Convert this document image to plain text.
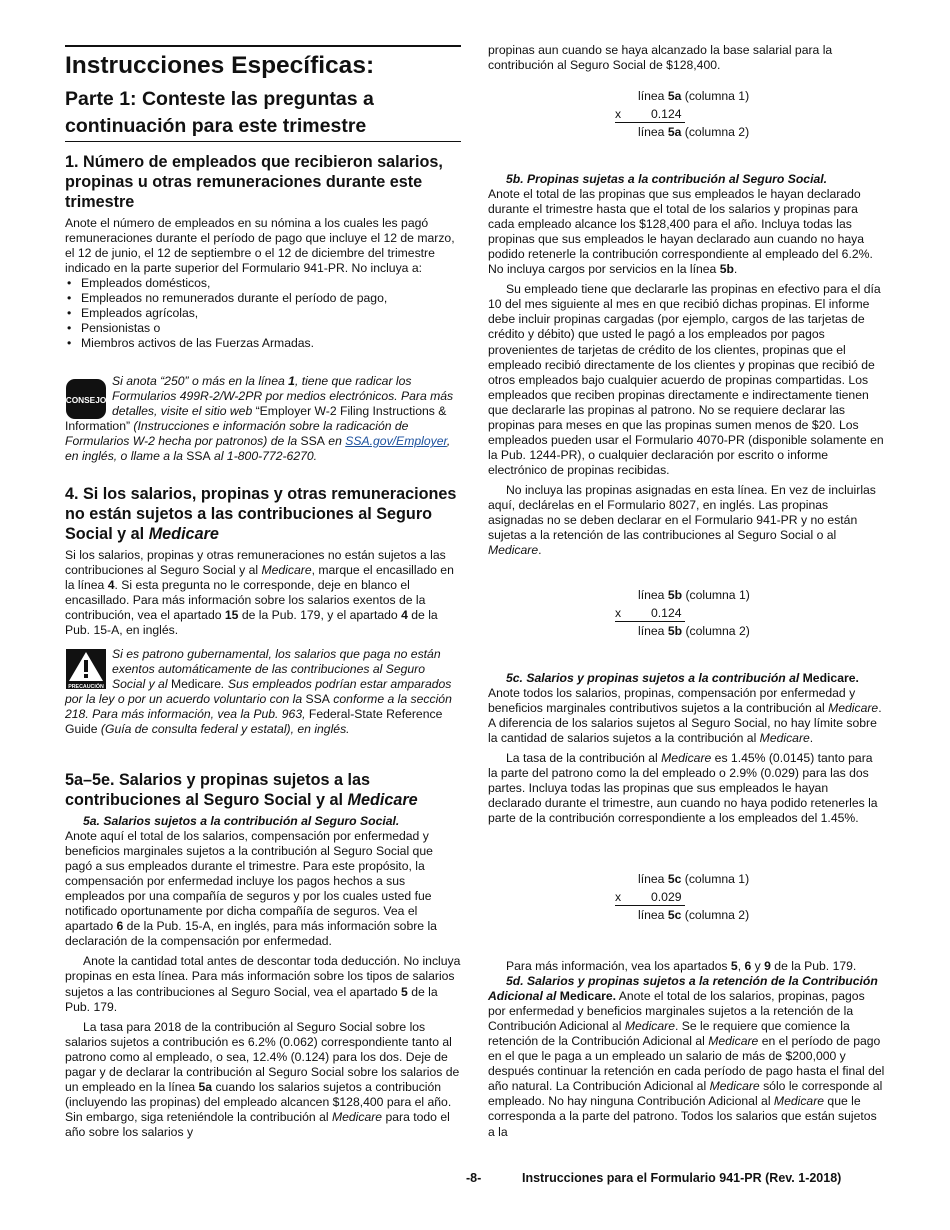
Instrucciones Específicas:
Parte 1: Conteste las preguntas a
continuación para este trimestre
1. Número de empleados que recibieron salarios, propinas u otras remuneraciones durante este trimestre

Anote el número de empleados en su nómina a los cuales les pagó remuneraciones durante el período de pago que incluye el 12 de marzo, el 12 de junio, el 12 de septiembre o el 12 de diciembre del trimestre indicado en la parte superior del Formulario 941-PR. No incluya a:

• Empleados domésticos,
• Empleados no remunerados durante el período de pago,
• Empleados agrícolas,
• Pensionistas o
• Miembros activos de las Fuerzas Armadas.
CONSEJO
Si anota “250” o más en la línea 1, tiene que radicar los Formularios 499R-2/W-2PR por medios electrónicos. Para más detalles, visite el sitio web “Employer W-2 Filing Instructions & Information” (Instrucciones e información sobre la radicación de Formularios W-2 hecha por patronos) de la SSA en SSA.gov/Employer, en inglés, o llame a la SSA al 1-800-772-6270.
4. Si los salarios, propinas y otras remuneraciones no están sujetos a las contribuciones al Seguro Social y al Medicare

Si los salarios, propinas y otras remuneraciones no están sujetos a las contribuciones al Seguro Social y al Medicare, marque el encasillado en la línea 4. Si esta pregunta no le corresponde, deje en blanco el encasillado. Para más información sobre los salarios exentos de la contribución, vea el apartado 15 de la Pub. 179, y el apartado 4 de la Pub. 15-A, en inglés.

PRECAUCIÓN
Si es patrono gubernamental, los salarios que paga no están exentos automáticamente de las contribuciones al Seguro Social y al Medicare. Sus empleados podrían estar amparados por la ley o por un acuerdo voluntario con la SSA conforme a la sección 218. Para más información, vea la Pub. 963, Federal-State Reference Guide (Guía de consulta federal y estatal), en inglés.
5a–5e. Salarios y propinas sujetos a las contribuciones al Seguro Social y al Medicare

5a. Salarios sujetos a la contribución al Seguro Social.
Anote aquí el total de los salarios, compensación por enfermedad y beneficios marginales sujetos a la contribución al Seguro Social que pagó a sus empleados durante el trimestre. Para este propósito, la compensación por enfermedad incluye los pagos hechos a sus empleados por una compañía de seguros y por los cuales usted fue notificado oportunamente por dicha compañía de seguros. Vea el apartado 6 de la Pub. 15-A, en inglés, para más información sobre la declaración de la compensación por enfermedad.

Anote la cantidad total antes de descontar toda deducción. No incluya propinas en esta línea. Para más información sobre los tipos de salarios sujetos a las contribuciones al Seguro Social, vea el apartado 5 de la Pub. 179.

La tasa para 2018 de la contribución al Seguro Social sobre los salarios sujetos a contribución es 6.2% (0.062) correspondiente tanto al patrono como al empleado, o sea, 12.4% (0.124) para los dos. Deje de pagar y de declarar la contribución al Seguro Social sobre los salarios de un empleado en la línea 5a cuando los salarios sujetos a contribución (incluyendo las propinas) del empleado alcancen $128,400 para el año. Sin embargo, siga reteniéndole la contribución al Medicare para todo el año sobre los salarios y

propinas aun cuando se haya alcanzado la base salarial para la contribución al Seguro Social de $128,400.

línea 5a (columna 1)
x 0.124
línea 5a (columna 2)

5b. Propinas sujetas a la contribución al Seguro Social.
Anote el total de las propinas que sus empleados le hayan declarado durante el trimestre hasta que el total de los salarios y propinas para cada empleado alcance los $128,400 para el año. Incluya todas las propinas que sus empleados le hayan declarado aun cuando no haya podido retenerle la contribución correspondiente al empleado del 6.2%. No incluya cargos por servicios en la línea 5b.

Su empleado tiene que declararle las propinas en efectivo para el día 10 del mes siguiente al mes en que recibió dichas propinas. El informe debe incluir propinas cargadas (por ejemplo, cargos de las tarjetas de crédito y débito) que usted le pagó a los empleados por pagos provenientes de tarjetas de crédito de los clientes, propinas que el empleado recibió directamente de los clientes y propinas que recibió de otros empleados bajo cualquier acuerdo de propinas compartidas. Los empleados que reciben propinas directamente e indirectamente tienen que declararle las propinas al patrono. No se requiere declarar las propinas para meses en que las propinas sumen menos de $20. Los empleados pueden usar el Formulario 4070-PR (disponible solamente en la Pub. 1244-PR), o cualquier declaración por escrito o informe electrónico de propinas recibidas.

No incluya las propinas asignadas en esta línea. En vez de incluirlas aquí, declárelas en el Formulario 8027, en inglés. Las propinas asignadas no se deben declarar en el Formulario 941-PR y no están sujetas a la retención de las contribuciones al Seguro Social o al Medicare.

línea 5b (columna 1)
x 0.124
línea 5b (columna 2)

5c. Salarios y propinas sujetos a la contribución al Medicare. Anote todos los salarios, propinas, compensación por enfermedad y beneficios marginales contributivos sujetos a la contribución al Medicare. A diferencia de los salarios sujetos al Seguro Social, no hay límite sobre la cantidad de salarios sujetos a la contribución al Medicare.

La tasa de la contribución al Medicare es 1.45% (0.0145) tanto para la parte del patrono como la del empleado o 2.9% (0.029) para las dos partes. Incluya todas las propinas que sus empleados le hayan declarado durante el trimestre, aun cuando no haya podido retenerles la parte de la contribución correspondiente a los empleados del 1.45%.

línea 5c (columna 1)
x 0.029
línea 5c (columna 2)

Para más información, vea los apartados 5, 6 y 9 de la Pub. 179.

5d. Salarios y propinas sujetos a la retención de la Contribución Adicional al Medicare. Anote el total de los salarios, propinas, pagos por enfermedad y beneficios marginales sujetos a la retención de la Contribución Adicional al Medicare. Se le requiere que comience la retención de la Contribución Adicional al Medicare en el período de pago en el que le paga a un empleado un salario de más de $200,000 y después continuar la retención en cada período de pago hasta el final del año natural. La Contribución Adicional al Medicare sólo le corresponde al empleado. No hay ninguna Contribución Adicional al Medicare que le corresponda a la parte del patrono. Todos los salarios que están sujetos a la

-8-	Instrucciones para el Formulario 941-PR (Rev. 1-2018)
